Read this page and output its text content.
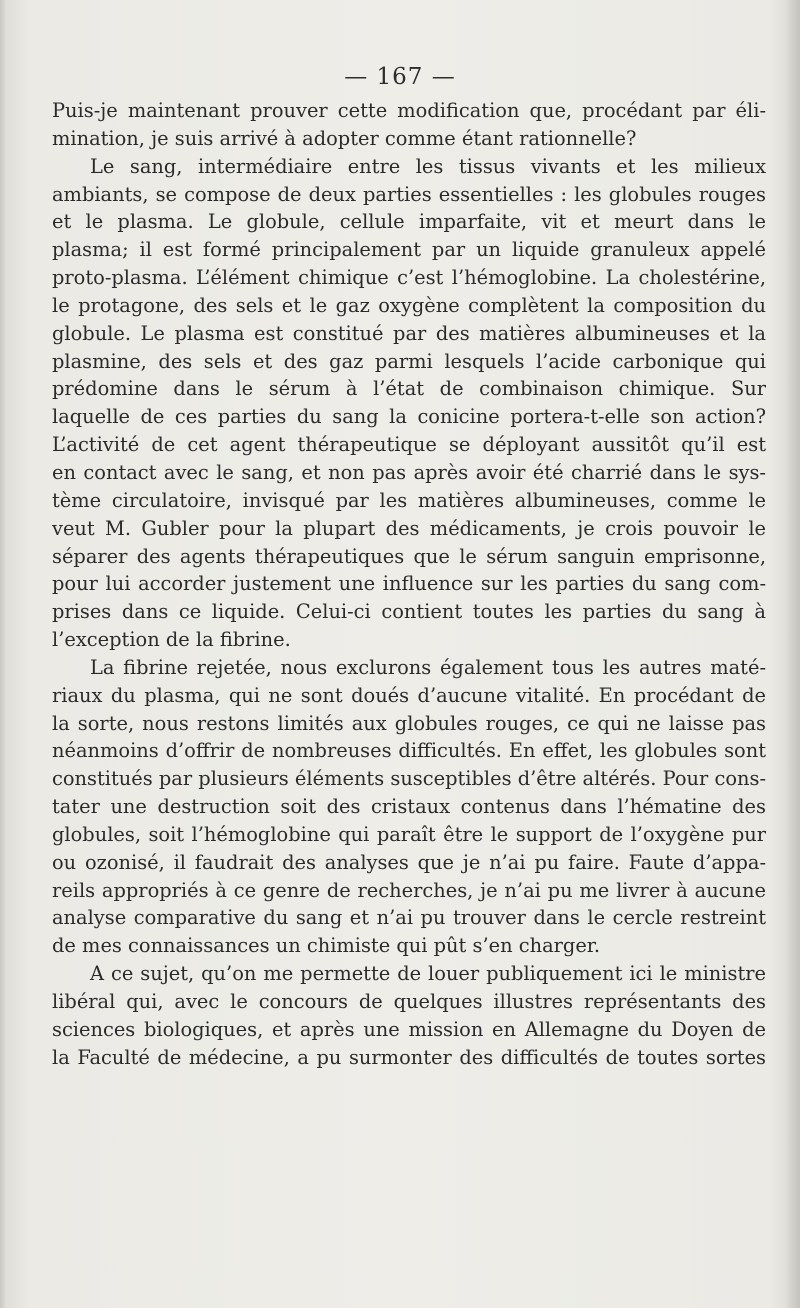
— 167 —
Puis-je maintenant prouver cette modification que, procédant par éli-
mination, je suis arrivé à adopter comme étant rationnelle?
Le sang, intermédiaire entre les tissus vivants et les milieux
ambiants, se compose de deux parties essentielles : les globules rouges
et le plasma. Le globule, cellule imparfaite, vit et meurt dans le
plasma; il est formé principalement par un liquide granuleux appelé
proto-plasma. L’élément chimique c’est l’hémoglobine. La cholestérine,
le protagone, des sels et le gaz oxygène complètent la composition du
globule. Le plasma est constitué par des matières albumineuses et la
plasmine, des sels et des gaz parmi lesquels l’acide carbonique qui
prédomine dans le sérum à l’état de combinaison chimique. Sur
laquelle de ces parties du sang la conicine portera-t-elle son action?
L’activité de cet agent thérapeutique se déployant aussitôt qu’il est
en contact avec le sang, et non pas après avoir été charrié dans le sys-
tème circulatoire, invisqué par les matières albumineuses, comme le
veut M. Gubler pour la plupart des médicaments, je crois pouvoir le
séparer des agents thérapeutiques que le sérum sanguin emprisonne,
pour lui accorder justement une influence sur les parties du sang com-
prises dans ce liquide. Celui-ci contient toutes les parties du sang à
l’exception de la fibrine.
La fibrine rejetée, nous exclurons également tous les autres maté-
riaux du plasma, qui ne sont doués d’aucune vitalité. En procédant de
la sorte, nous restons limités aux globules rouges, ce qui ne laisse pas
néanmoins d’offrir de nombreuses difficultés. En effet, les globules sont
constitués par plusieurs éléments susceptibles d’être altérés. Pour cons-
tater une destruction soit des cristaux contenus dans l’hématine des
globules, soit l’hémoglobine qui paraît être le support de l’oxygène pur
ou ozonisé, il faudrait des analyses que je n’ai pu faire. Faute d’appa-
reils appropriés à ce genre de recherches, je n’ai pu me livrer à aucune
analyse comparative du sang et n’ai pu trouver dans le cercle restreint
de mes connaissances un chimiste qui pût s’en charger.
A ce sujet, qu’on me permette de louer publiquement ici le ministre
libéral qui, avec le concours de quelques illustres représentants des
sciences biologiques, et après une mission en Allemagne du Doyen de
la Faculté de médecine, a pu surmonter des difficultés de toutes sortes
